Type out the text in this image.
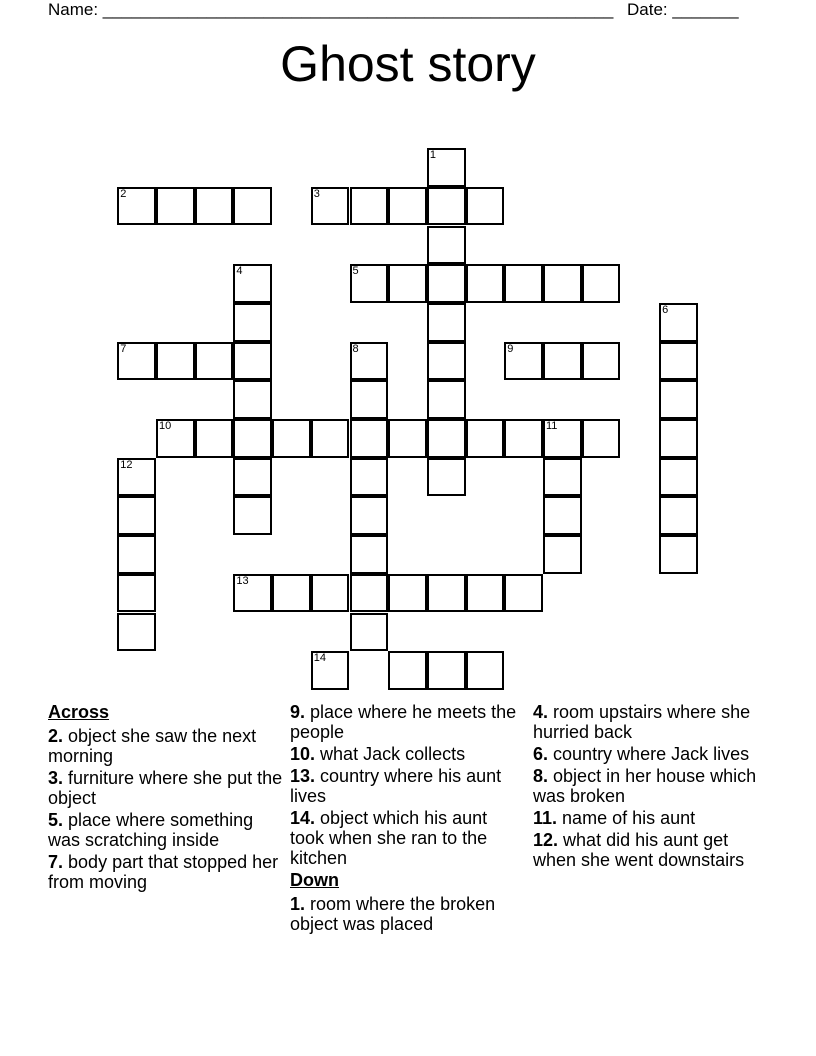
Name: ______________________________________________________ Date: _______
Ghost story
1
2	3
4	5
6
7	8	9
10	11
12
13
14
Across
2. object she saw the next morning
3. furniture where she put the object
5. place where something was scratching inside
7. body part that stopped her from moving
9. place where he meets the people
10. what Jack collects
13. country where his aunt lives
14. object which his aunt took when she ran to the kitchen
Down
1. room where the broken object was placed
4. room upstairs where she hurried back
6. country where Jack lives
8. object in her house which was broken
11. name of his aunt
12. what did his aunt get when she went downstairs
